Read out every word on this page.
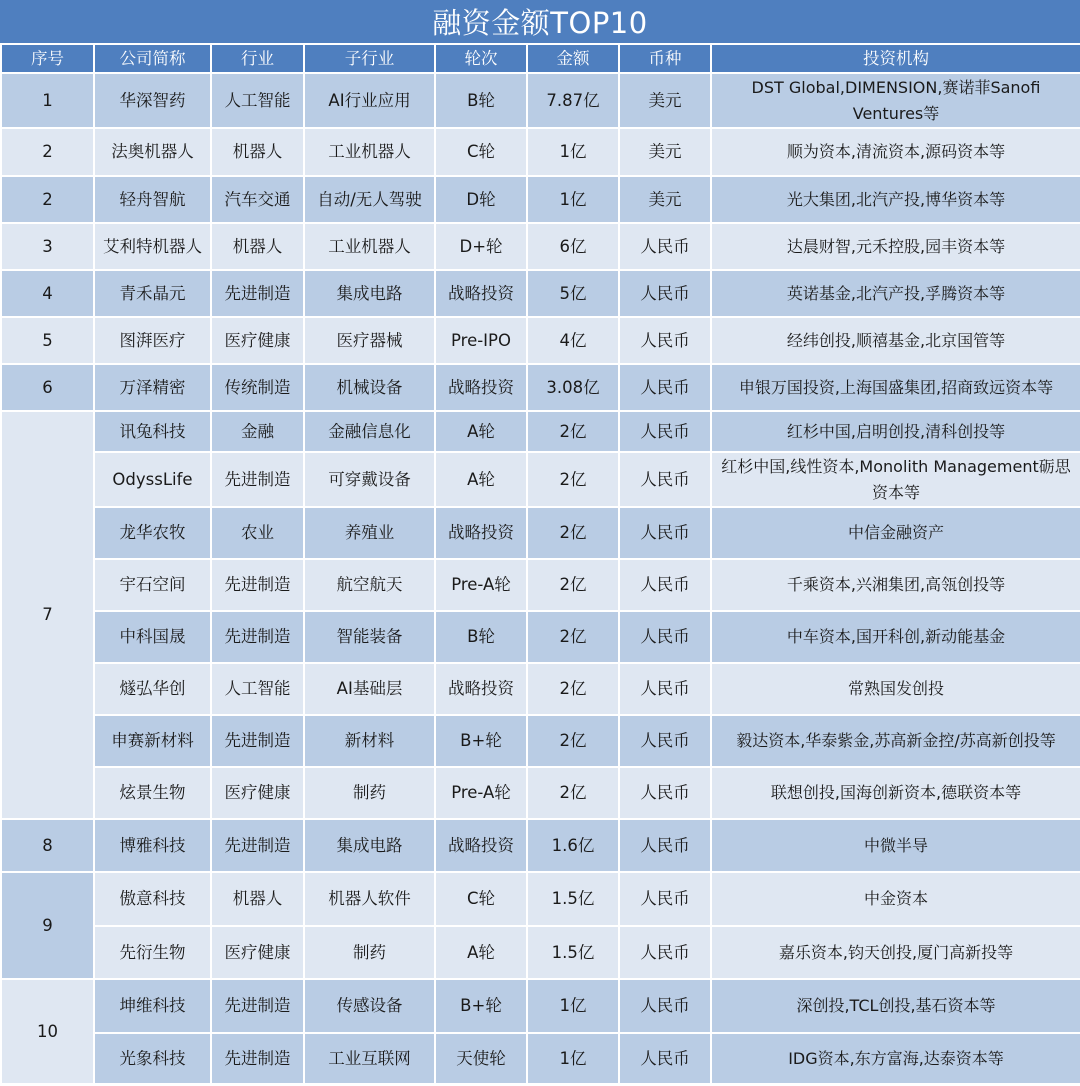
融资金额TOP10
序号	公司简称	行业	子行业	轮次	金额	币种	投资机构
1	华深智药	人工智能	AI行业应用	B轮	7.87亿	美元	DST Global,DIMENSION,赛诺菲Sanofi Ventures等
2	法奥机器人	机器人	工业机器人	C轮	1亿	美元	顺为资本,清流资本,源码资本等
2	轻舟智航	汽车交通	自动/无人驾驶	D轮	1亿	美元	光大集团,北汽产投,博华资本等
3	艾利特机器人	机器人	工业机器人	D+轮	6亿	人民币	达晨财智,元禾控股,园丰资本等
4	青禾晶元	先进制造	集成电路	战略投资	5亿	人民币	英诺基金,北汽产投,孚腾资本等
5	图湃医疗	医疗健康	医疗器械	Pre-IPO	4亿	人民币	经纬创投,顺禧基金,北京国管等
6	万泽精密	传统制造	机械设备	战略投资	3.08亿	人民币	申银万国投资,上海国盛集团,招商致远资本等
7	讯兔科技	金融	金融信息化	A轮	2亿	人民币	红杉中国,启明创投,清科创投等
	OdyssLife	先进制造	可穿戴设备	A轮	2亿	人民币	红杉中国,线性资本,Monolith Management砺思资本等
	龙华农牧	农业	养殖业	战略投资	2亿	人民币	中信金融资产
	宇石空间	先进制造	航空航天	Pre-A轮	2亿	人民币	千乘资本,兴湘集团,高瓴创投等
	中科国晟	先进制造	智能装备	B轮	2亿	人民币	中车资本,国开科创,新动能基金
	燧弘华创	人工智能	AI基础层	战略投资	2亿	人民币	常熟国发创投
	申赛新材料	先进制造	新材料	B+轮	2亿	人民币	毅达资本,华泰紫金,苏高新金控/苏高新创投等
	炫景生物	医疗健康	制药	Pre-A轮	2亿	人民币	联想创投,国海创新资本,德联资本等
8	博雅科技	先进制造	集成电路	战略投资	1.6亿	人民币	中微半导
9	傲意科技	机器人	机器人软件	C轮	1.5亿	人民币	中金资本
	先衍生物	医疗健康	制药	A轮	1.5亿	人民币	嘉乐资本,钧天创投,厦门高新投等
10	坤维科技	先进制造	传感设备	B+轮	1亿	人民币	深创投,TCL创投,基石资本等
	光象科技	先进制造	工业互联网	天使轮	1亿	人民币	IDG资本,东方富海,达泰资本等
